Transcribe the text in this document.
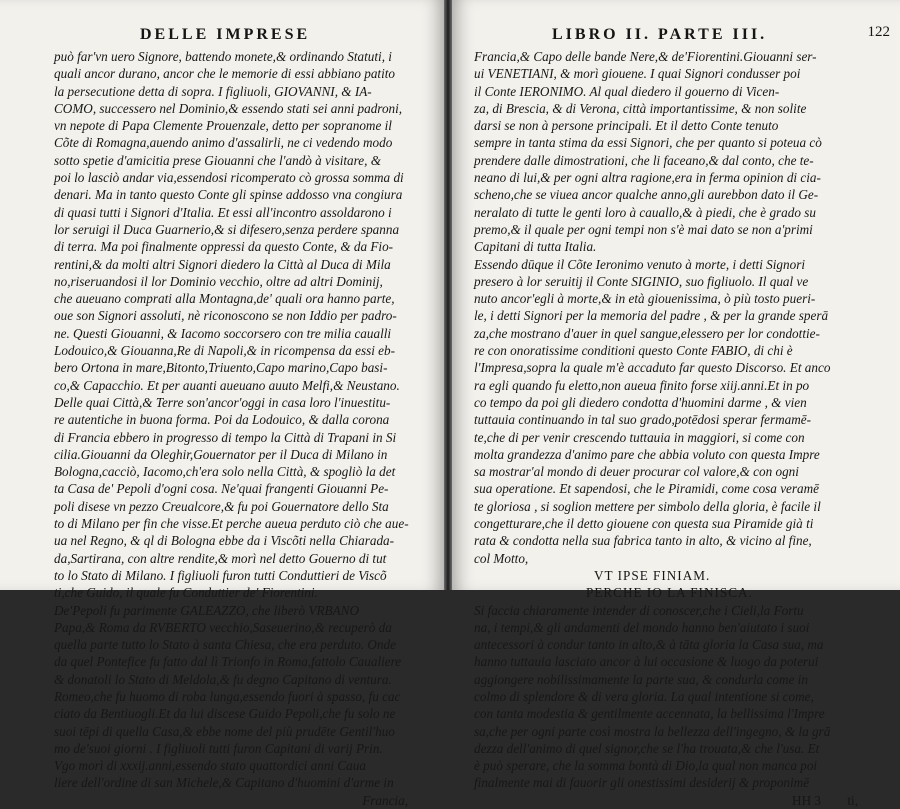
DELLE IMPRESE
può far'vn uero Signore, battendo monete,& ordinando Statuti, i
quali ancor durano, ancor che le memorie di essi abbiano patito
la persecutione detta di sopra. I figliuoli, GIOVANNI, & IA-
COMO, successero nel Dominio,& essendo stati sei anni padroni,
vn nepote di Papa Clemente Prouenzale, detto per sopranome il
Cõte di Romagna,auendo animo d'assalirli, ne ci vedendo modo
sotto spetie d'amicitia prese Giouanni che l'andò à visitare, &
poi lo lasciò andar via,essendosi ricomperato cò grossa somma di
denari. Ma in tanto questo Conte gli spinse addosso vna congiura
di quasi tutti i Signori d'Italia. Et essi all'incontro assoldarono i
lor seruigi il Duca Guarnerio,& si difesero,senza perdere spanna
di terra. Ma poi finalmente oppressi da questo Conte, & da Fio-
rentini,& da molti altri Signori diedero la Città al Duca di Mila
no,riseruandosi il lor Dominio vecchio, oltre ad altri Dominij,
che aueuano comprati alla Montagna,de' quali ora hanno parte,
oue son Signori assoluti, nè riconoscono se non Iddio per padro-
ne. Questi Giouanni, & Iacomo soccorsero con tre milia caualli
Lodouico,& Giouanna,Re di Napoli,& in ricompensa da essi eb-
bero Ortona in mare,Bitonto,Triuento,Capo marino,Capo basi-
co,& Capacchio. Et per auanti aueuano auuto Melfi,& Neustano.
Delle quai Città,& Terre son'ancor'oggi in casa loro l'inuestitu-
re autentiche in buona forma. Poi da Lodouico, & dalla corona
di Francia ebbero in progresso di tempo la Città di Trapani in Si
cilia.Giouanni da Oleghir,Gouernator per il Duca di Milano in
Bologna,cacciò, Iacomo,ch'era solo nella Città, & spogliò la det
ta Casa de' Pepoli d'ogni cosa. Ne'quai frangenti Giouanni Pe-
poli disese vn pezzo Creualcore,& fu poi Gouernatore dello Sta
to di Milano per fin che visse.Et perche aueua perduto ciò che aue-
ua nel Regno, & ql di Bologna ebbe da i Viscõti nella Chiarada-
da,Sartirana, con altre rendite,& morì nel detto Gouerno di tut
to lo Stato di Milano. I figliuoli furon tutti Conduttieri de Viscõ
ti,che Guido, il quale fu Conduttier de' Fiorentini.
De'Pepoli fu parimente GALEAZZO, che liberò VRBANO
Papa,& Roma da RVBERTO vecchio,Saseuerino,& recuperò da
quella parte tutto lo Stato à santa Chiesa, che era perduto. Onde
da quel Pontefice fu fatto dal lì Trionfo in Roma,fattolo Caualiere
& donatoli lo Stato di Meldola,& fu degno Capitano di ventura.
Romeo,che fu huomo di roba lunga,essendo fuori à spasso, fu cac
ciato da Bentiuogli.Et da lui discese Guido Pepoli,che fu solo ne
suoi tēpi di quella Casa,& ebbe nome del più prudēte Gentil'huo
mo de'suoi giorni . I figliuoli tutti furon Capitani di varij Prin.
Vgo morì di xxxij.anni,essendo stato quattordici anni Caua
liere dell'ordine di san Michele,& Capitano d'huomini d'arme in
Francia,
LIBRO II. PARTE III.	122
Francia,& Capo delle bande Nere,& de'Fiorentini.Giouanni ser-
ui VENETIANI, & morì giouene. I quai Signori condusser poi
il Conte IERONIMO. Al qual diedero il gouerno di Vicen-
za, di Brescia, & di Verona, città importantissime, & non solite
darsi se non à persone principali. Et il detto Conte tenuto
sempre in tanta stima da essi Signori, che per quanto si poteua cò
prendere dalle dimostrationi, che li faceano,& dal conto, che te-
neano di lui,& per ogni altra ragione,era in ferma opinion di cia-
scheno,che se viuea ancor qualche anno,gli aurebbon dato il Ge-
neralato di tutte le genti loro à cauallo,& à piedi, che è grado su
premo,& il quale per ogni tempi non s'è mai dato se non a'primi
Capitani di tutta Italia.
Essendo dūque il Cõte Ieronimo venuto à morte, i detti Signori
presero à lor seruitij il Conte SIGINIO, suo figliuolo. Il qual ve
nuto ancor'egli à morte,& in età giouenissima, ò più tosto pueri-
le, i detti Signori per la memoria del padre , & per la grande sperā
za,che mostrano d'auer in quel sangue,elessero per lor condottie-
re con onoratissime conditioni questo Conte FABIO, di chi è
l'Impresa,sopra la quale m'è accaduto far questo Discorso. Et anco
ra egli quando fu eletto,non aueua finito forse xiij.anni.Et in po
co tempo da poi gli diedero condotta d'huomini darme , & vien
tuttauia continuando in tal suo grado,potēdosi sperar fermamē-
te,che di per venir crescendo tuttauia in maggiori, si come con
molta grandezza d'animo pare che abbia voluto con questa Impre
sa mostrar'al mondo di deuer procurar col valore,& con ogni
sua operatione. Et sapendosi, che le Piramidi, come cosa veramē
te gloriosa , si soglion mettere per simbolo della gloria, è facile il
congetturare,che il detto giouene con questa sua Piramide già ti
rata & condotta nella sua fabrica tanto in alto, & vicino al fine,
col Motto,
VT IPSE FINIAM.
PERCHE IO LA FINISCA.
Si faccia chiaramente intender di conoscer,che i Cieli,la Fortu
na, i tempi,& gli andamenti del mondo hanno ben'aiutato i suoi
antecessori à condur tanto in alto,& à tāta gloria la Casa sua, ma
hanno tuttauia lasciato ancor à lui occasione & luogo da poterui
aggiongere nobilissimamente la parte sua, & condurla come in
colmo di splendore & di vera gloria. La qual intentione si come,
con tanta modestia & gentilmente accennata, la bellissima l'Impre
sa,che per ogni parte così mostra la bellezza dell'ingegno, & la grā
dezza dell'animo di quel signor,che se l'ha trouata,& che l'usa. Et
è può sperare, che la somma bontà di Dio,la qual non manca poi
finalmente mai di fauorir gli onestissimi desiderij & proponimē
HH 3 ti,
